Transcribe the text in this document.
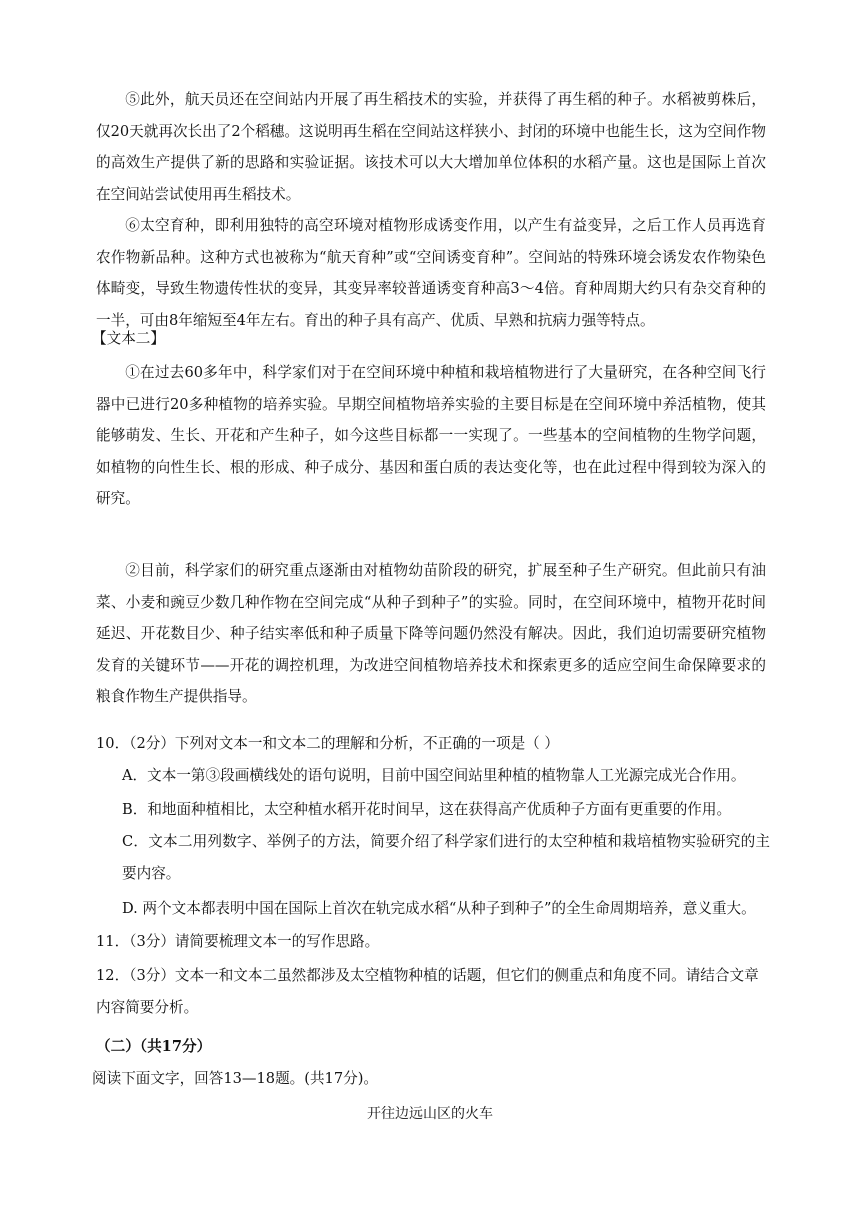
⑤此外，航天员还在空间站内开展了再生稻技术的实验，并获得了再生稻的种子。水稻被剪株后，仅20天就再次长出了2个稻穗。这说明再生稻在空间站这样狭小、封闭的环境中也能生长，这为空间作物的高效生产提供了新的思路和实验证据。该技术可以大大增加单位体积的水稻产量。这也是国际上首次在空间站尝试使用再生稻技术。

⑥太空育种，即利用独特的高空环境对植物形成诱变作用，以产生有益变异，之后工作人员再选育农作物新品种。这种方式也被称为“航天育种”或“空间诱变育种”。空间站的特殊环境会诱发农作物染色体畸变，导致生物遗传性状的变异，其变异率较普通诱变育种高3～4倍。育种周期大约只有杂交育种的一半，可由8年缩短至4年左右。育出的种子具有高产、优质、早熟和抗病力强等特点。

【文本二】

①在过去60多年中，科学家们对于在空间环境中种植和栽培植物进行了大量研究，在各种空间飞行器中已进行20多种植物的培养实验。早期空间植物培养实验的主要目标是在空间环境中养活植物，使其能够萌发、生长、开花和产生种子，如今这些目标都一一实现了。一些基本的空间植物的生物学问题，如植物的向性生长、根的形成、种子成分、基因和蛋白质的表达变化等，也在此过程中得到较为深入的研究。

②目前，科学家们的研究重点逐渐由对植物幼苗阶段的研究，扩展至种子生产研究。但此前只有油菜、小麦和豌豆少数几种作物在空间完成“从种子到种子”的实验。同时，在空间环境中，植物开花时间延迟、开花数目少、种子结实率低和种子质量下降等问题仍然没有解决。因此，我们迫切需要研究植物发育的关键环节——开花的调控机理，为改进空间植物培养技术和探索更多的适应空间生命保障要求的粮食作物生产提供指导。

10．（2分）下列对文本一和文本二的理解和分析，不正确的一项是（ ）

A．文本一第③段画横线处的语句说明，目前中国空间站里种植的植物靠人工光源完成光合作用。

B．和地面种植相比，太空种植水稻开花时间早，这在获得高产优质种子方面有更重要的作用。

C．文本二用列数字、举例子的方法，简要介绍了科学家们进行的太空种植和栽培植物实验研究的主要内容。

D. 两个文本都表明中国在国际上首次在轨完成水稻“从种子到种子”的全生命周期培养，意义重大。

11．（3分）请简要梳理文本一的写作思路。

12．（3分）文本一和文本二虽然都涉及太空植物种植的话题，但它们的侧重点和角度不同。请结合文章内容简要分析。

（二）（共17分）

阅读下面文字，回答13—18题。(共17分)。

开往边远山区的火车
